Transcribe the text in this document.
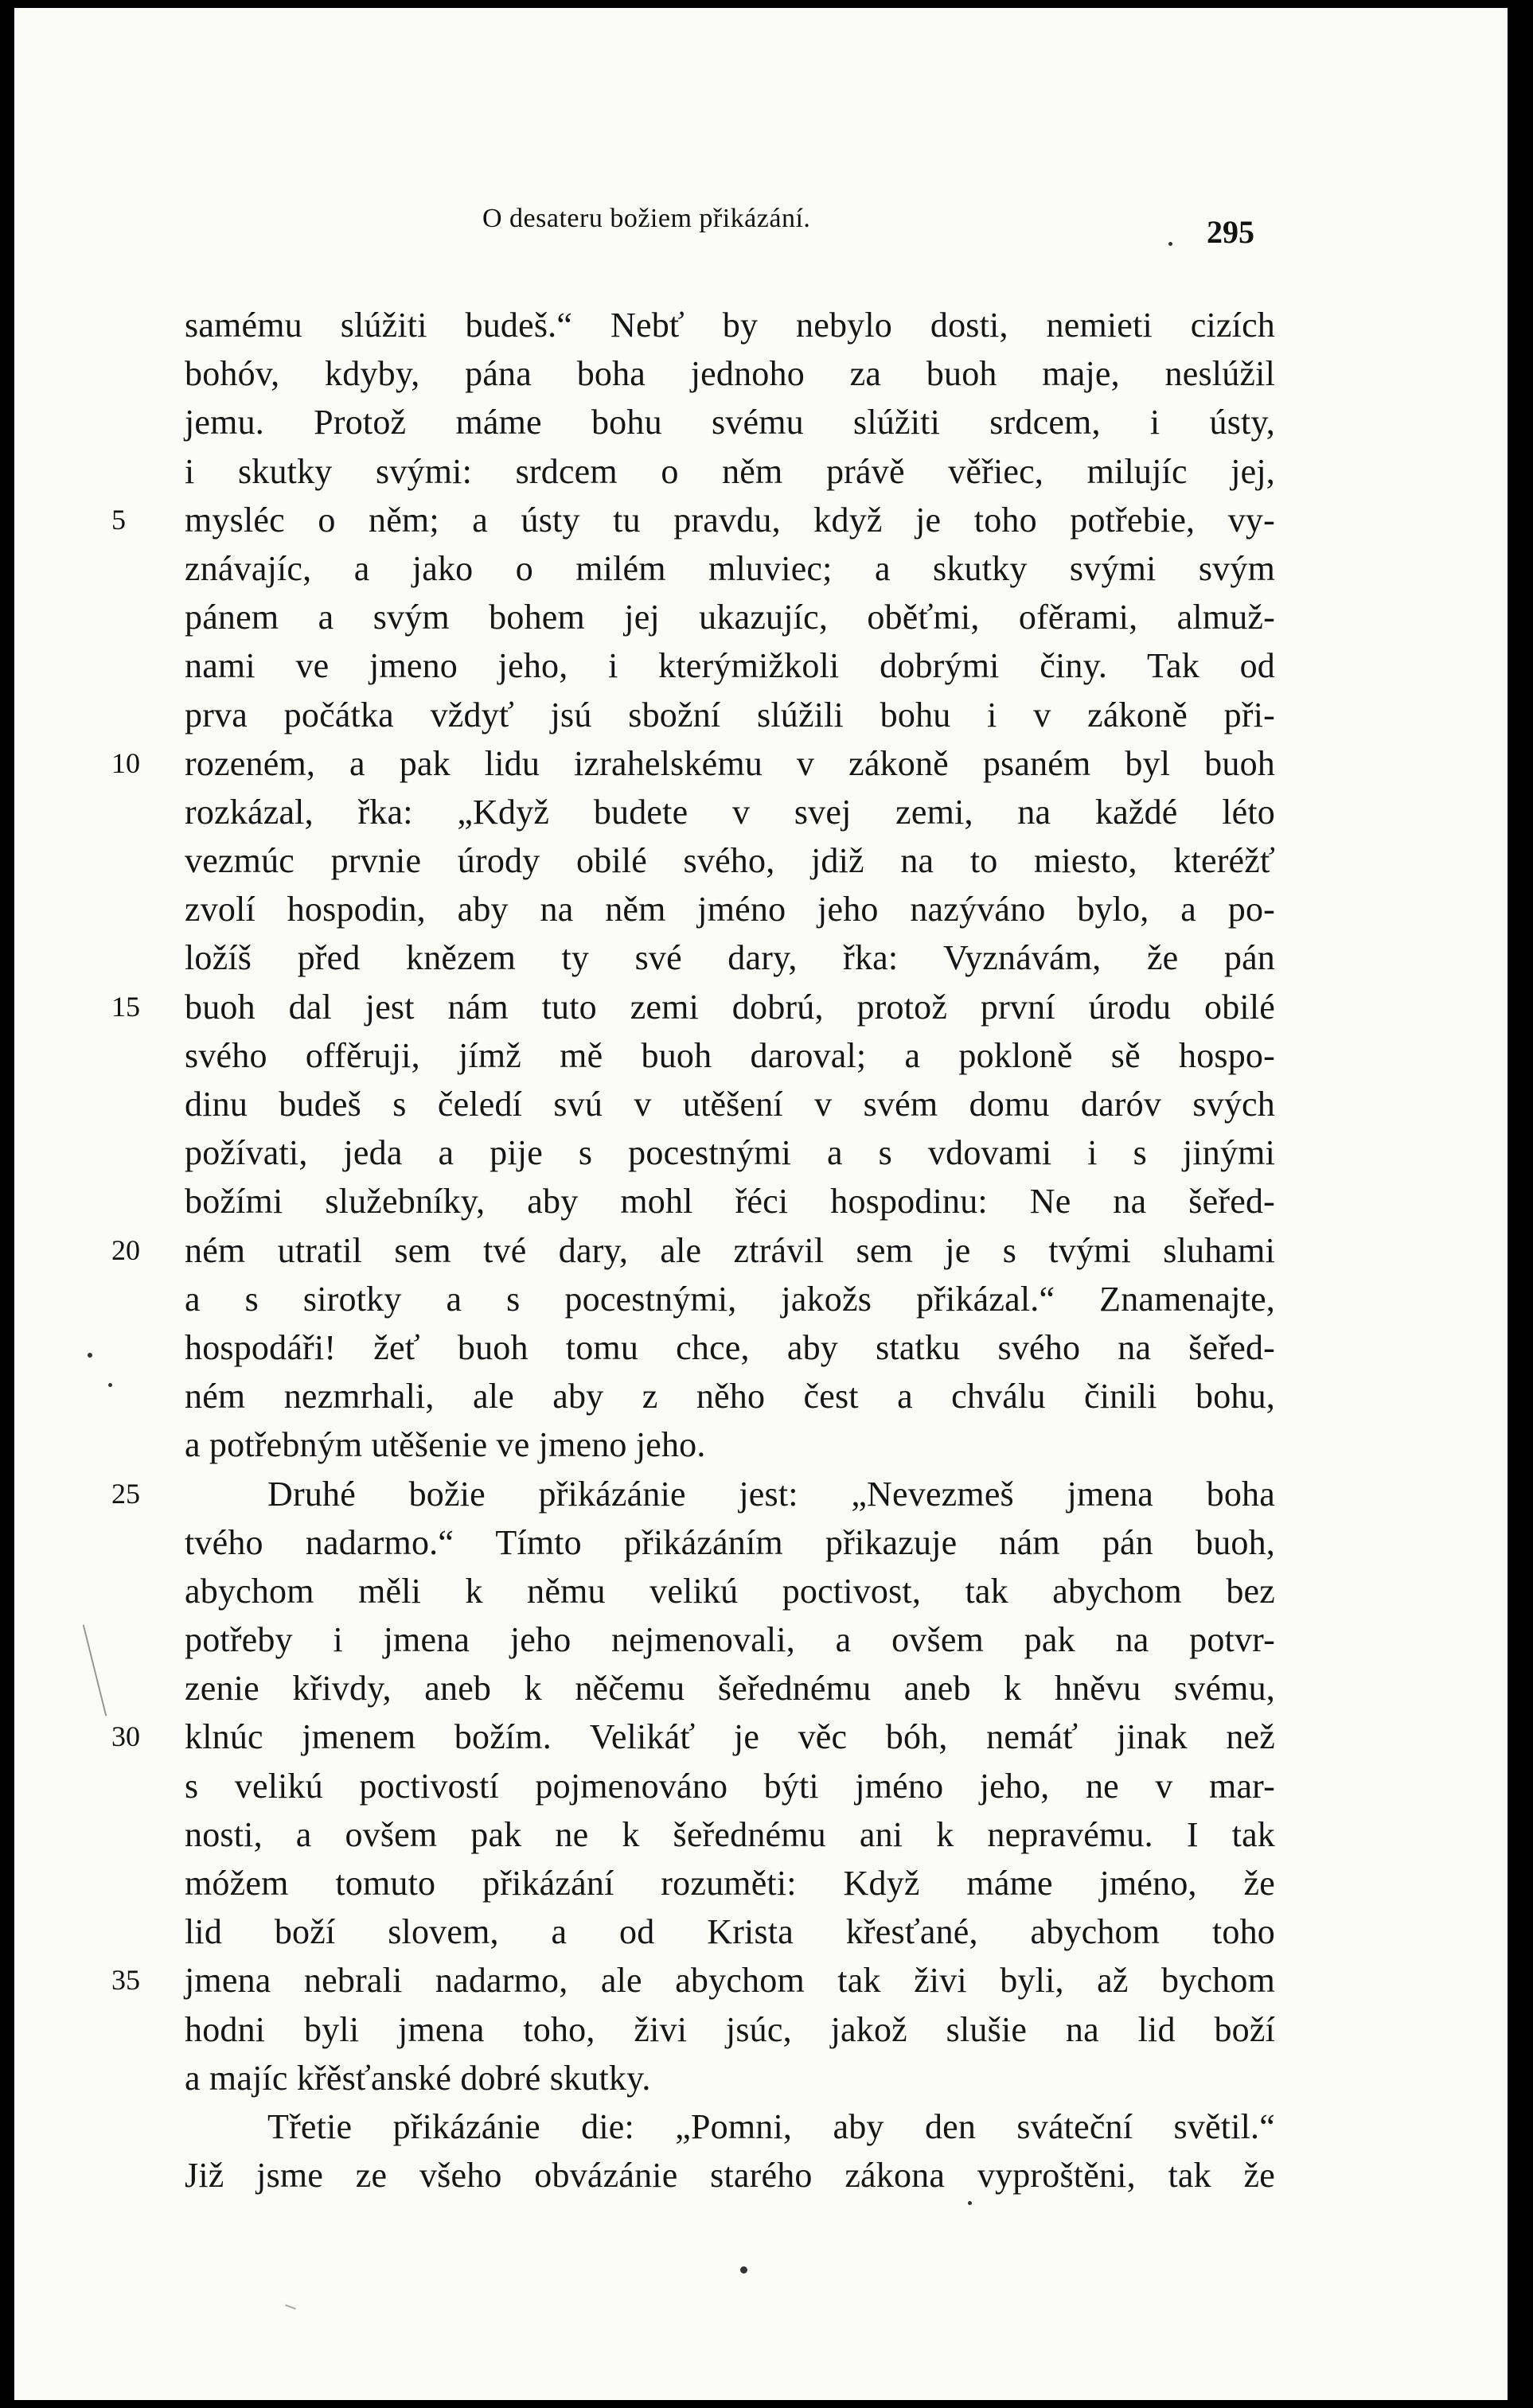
O desateru božiem přikázání.	295
samému slúžiti budeš.“ Nebť by nebylo dosti, nemieti cizích
bohóv, kdyby, pána boha jednoho za buoh maje, neslúžil
jemu. Protož máme bohu svému slúžiti srdcem, i ústy,
i skutky svými: srdcem o něm právě věřiec, milujíc jej,
5	mysléc o něm; a ústy tu pravdu, když je toho potřebie, vy-
znávajíc, a jako o milém mluviec; a skutky svými svým
pánem a svým bohem jej ukazujíc, oběťmi, ofěrami, almuž-
nami ve jmeno jeho, i kterýmižkoli dobrými činy. Tak od
prva počátka vždyť jsú sbožní slúžili bohu i v zákoně při-
10	rozeném, a pak lidu izrahelskému v zákoně psaném byl buoh
rozkázal, řka: „Když budete v svej zemi, na každé léto
vezmúc prvnie úrody obilé svého, jdiž na to miesto, kteréžť
zvolí hospodin, aby na něm jméno jeho nazýváno bylo, a po-
ložíš před knězem ty své dary, řka: Vyznávám, že pán
15	buoh dal jest nám tuto zemi dobrú, protož první úrodu obilé
svého offěruji, jímž mě buoh daroval; a pokloně sě hospo-
dinu budeš s čeledí svú v utěšení v svém domu daróv svých
požívati, jeda a pije s pocestnými a s vdovami i s jinými
božími služebníky, aby mohl řéci hospodinu: Ne na šeřed-
20	ném utratil sem tvé dary, ale ztrávil sem je s tvými sluhami
a s sirotky a s pocestnými, jakožs přikázal.“ Znamenajte,
hospodáři! žeť buoh tomu chce, aby statku svého na šeřed-
ném nezmrhali, ale aby z něho čest a chválu činili bohu,
a potřebným utěšenie ve jmeno jeho.
25	Druhé božie přikázánie jest: „Nevezmeš jmena boha
tvého nadarmo.“ Tímto přikázáním přikazuje nám pán buoh,
abychom měli k němu velikú poctivost, tak abychom bez
potřeby i jmena jeho nejmenovali, a ovšem pak na potvr-
zenie křivdy, aneb k něčemu šeřednému aneb k hněvu svému,
30	klnúc jmenem božím. Velikáť je věc bóh, nemáť jinak než
s velikú poctivostí pojmenováno býti jméno jeho, ne v mar-
nosti, a ovšem pak ne k šeřednému ani k nepravému. I tak
móžem tomuto přikázání rozuměti: Když máme jméno, že
lid boží slovem, a od Krista křesťané, abychom toho
35	jmena nebrali nadarmo, ale abychom tak živi byli, až bychom
hodni byli jmena toho, živi jsúc, jakož slušie na lid boží
a majíc křěsťanské dobré skutky.
Třetie přikázánie die: „Pomni, aby den sváteční světil.“
Již jsme ze všeho obvázánie starého zákona vyproštěni, tak že
